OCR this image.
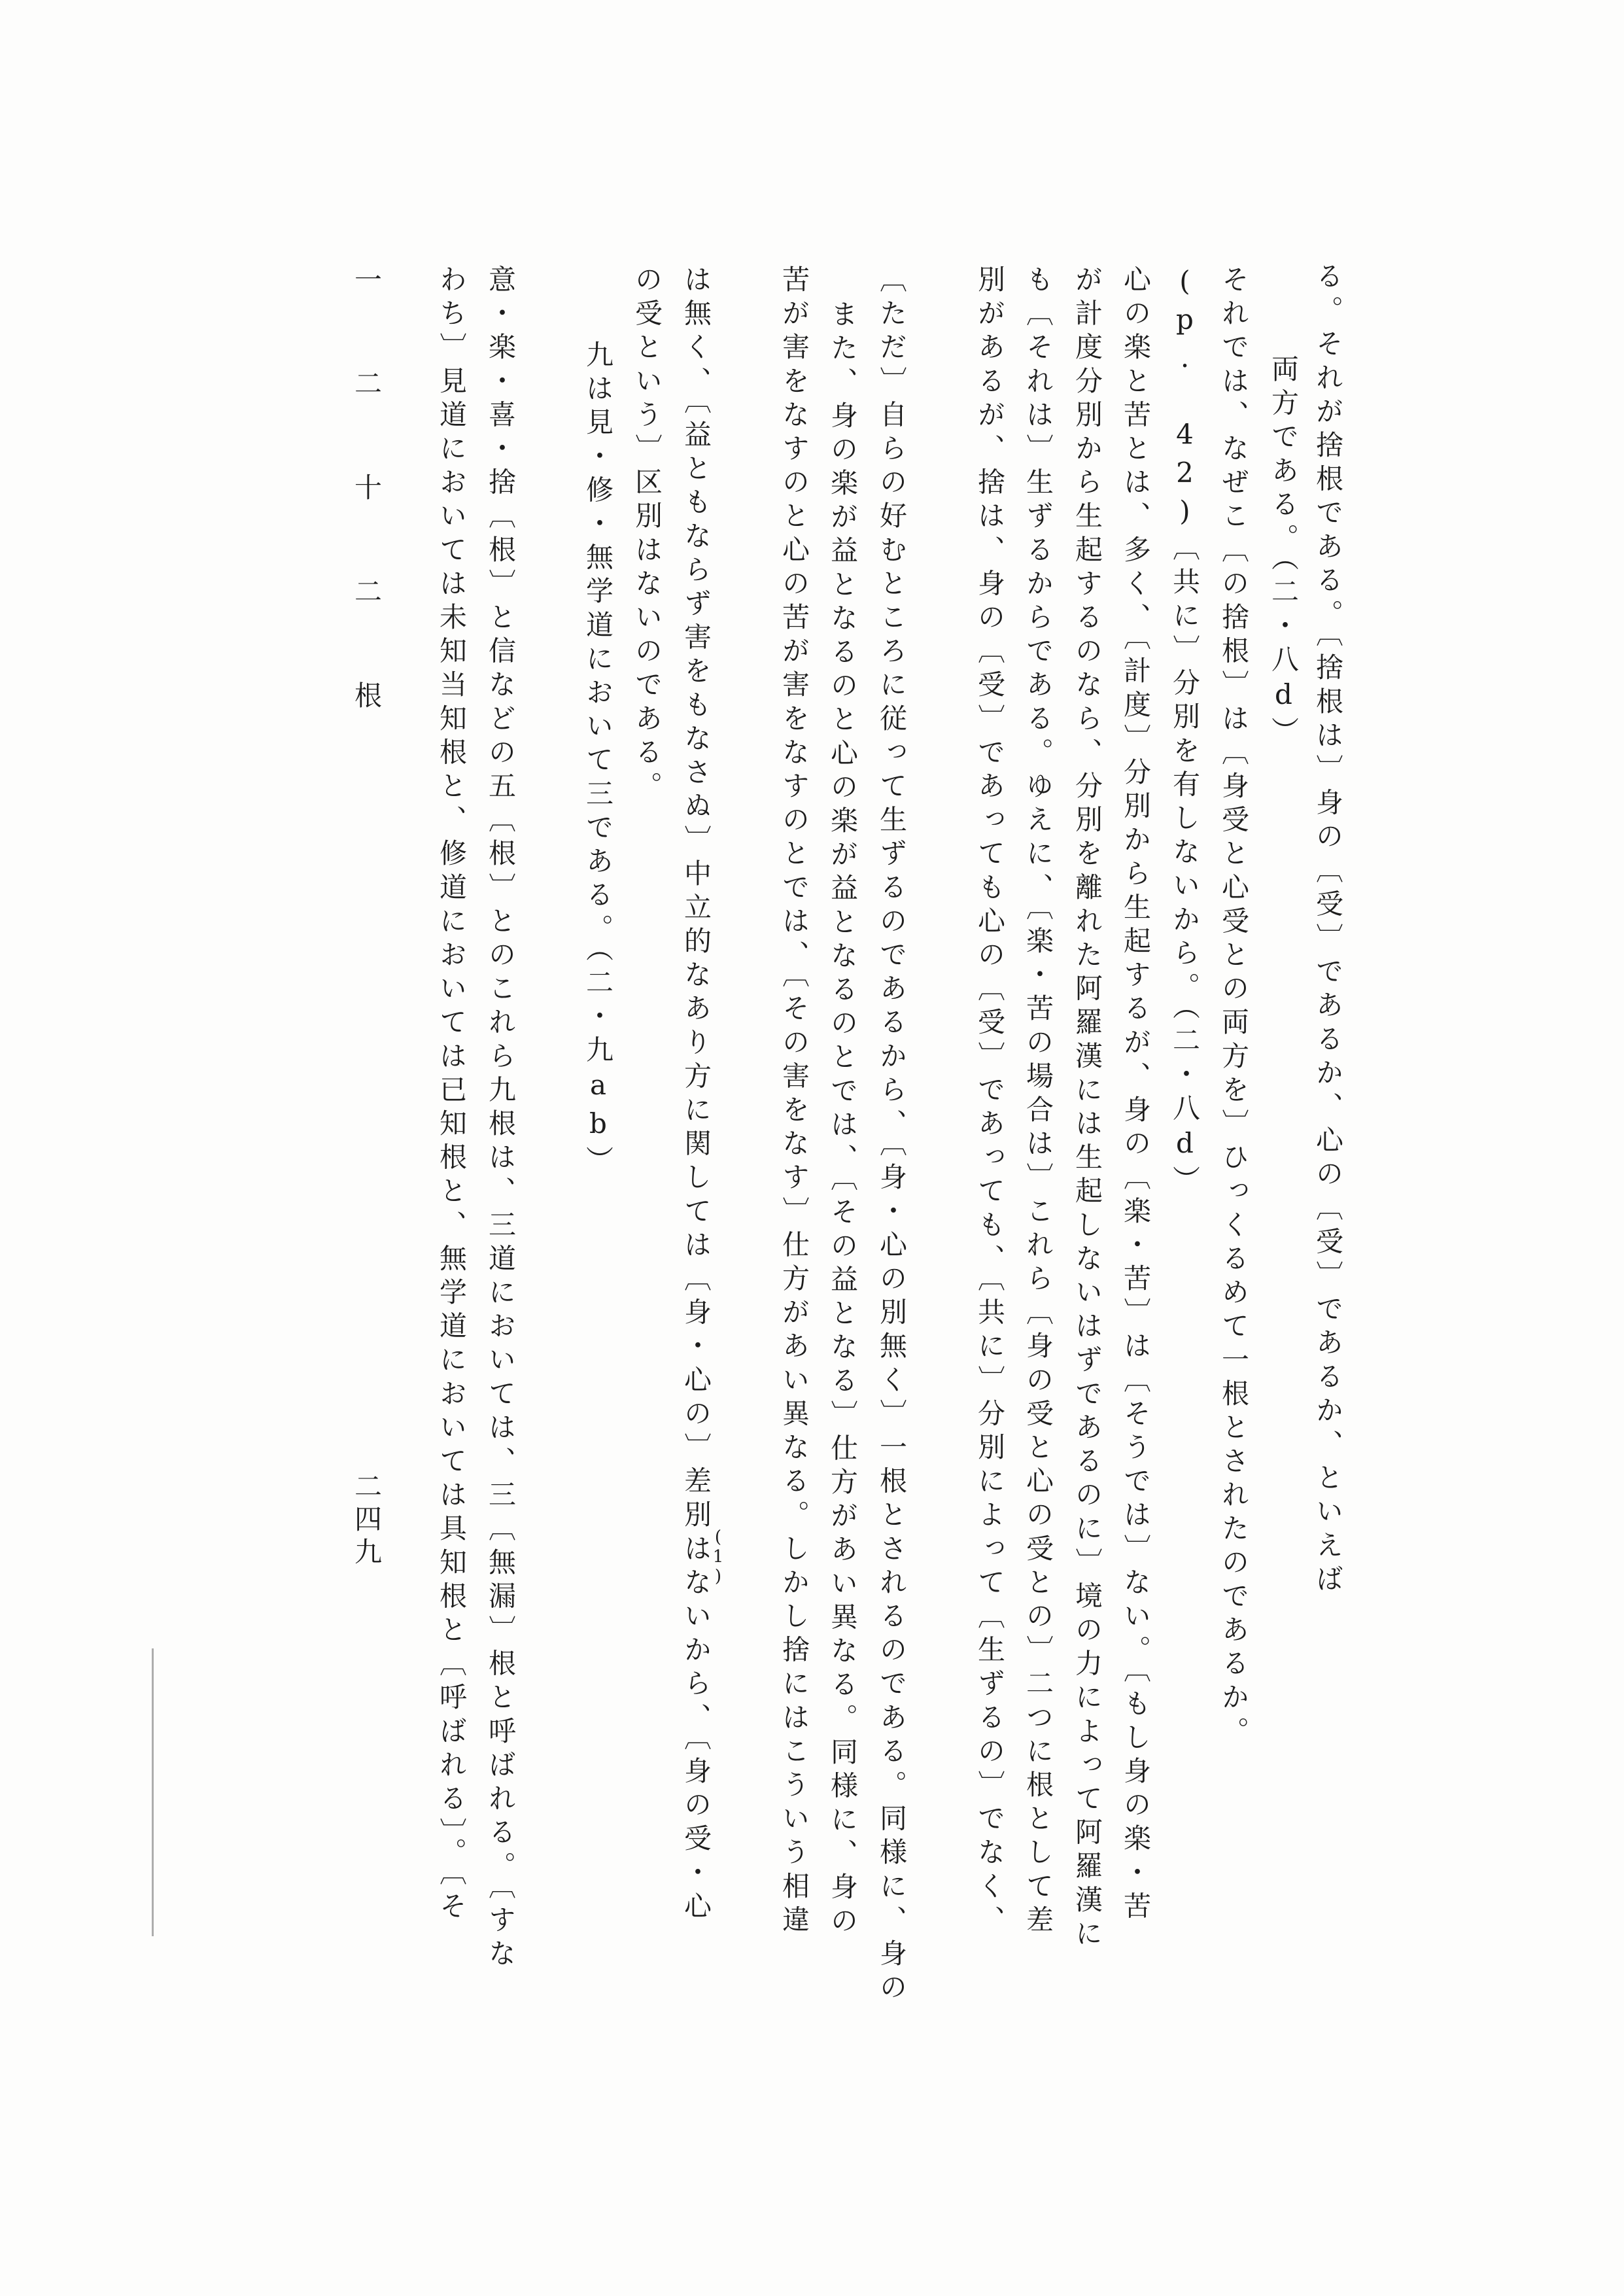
る。それが捨根である。〔捨根は〕身の〔受〕であるか、心の〔受〕であるか、といえば
両方である。（二・八d）
それでは、なぜこ〔の捨根〕は〔身受と心受との両方を〕ひっくるめて一根とされたのであるか。
(p. 42)〔共に〕分別を有しないから。（二・八d）
心の楽と苦とは、多く、〔計度〕分別から生起するが、身の〔楽・苦〕は〔そうでは〕ない。〔もし身の楽・苦
が計度分別から生起するのなら、分別を離れた阿羅漢には生起しないはずであるのに〕境の力によって阿羅漢に
も〔それは〕生ずるからである。ゆえに、〔楽・苦の場合は〕これら〔身の受と心の受との〕二つに根として差
別があるが、捨は、身の〔受〕であっても心の〔受〕であっても、〔共に〕分別によって〔生ずるの〕でなく、
〔ただ〕自らの好むところに従って生ずるのであるから、〔身・心の別無く〕一根とされるのである。同様に、身の
また、身の楽が益となるのと心の楽が益となるのとでは、〔その益となる〕仕方があい異なる。同様に、身の
苦が害をなすのと心の苦が害をなすのとでは、〔その害をなす〕仕方があい異なる。しかし捨にはこういう相違
は無く、〔益ともならず害をもなさぬ〕中立的なあり方に関しては〔身・心の〕差別はないから、〔身の受・心
の受という〕区別はないのである。
九は見・修・無学道において三である。（二・九ab）
意・楽・喜・捨〔根〕と信などの五〔根〕とのこれら九根は、三道においては、三〔無漏〕根と呼ばれる。〔すな
わち〕見道においては未知当知根と、修道においては已知根と、無学道においては具知根と〔呼ばれる〕。〔そ	(1)
一 二 十 二 根
二四九
